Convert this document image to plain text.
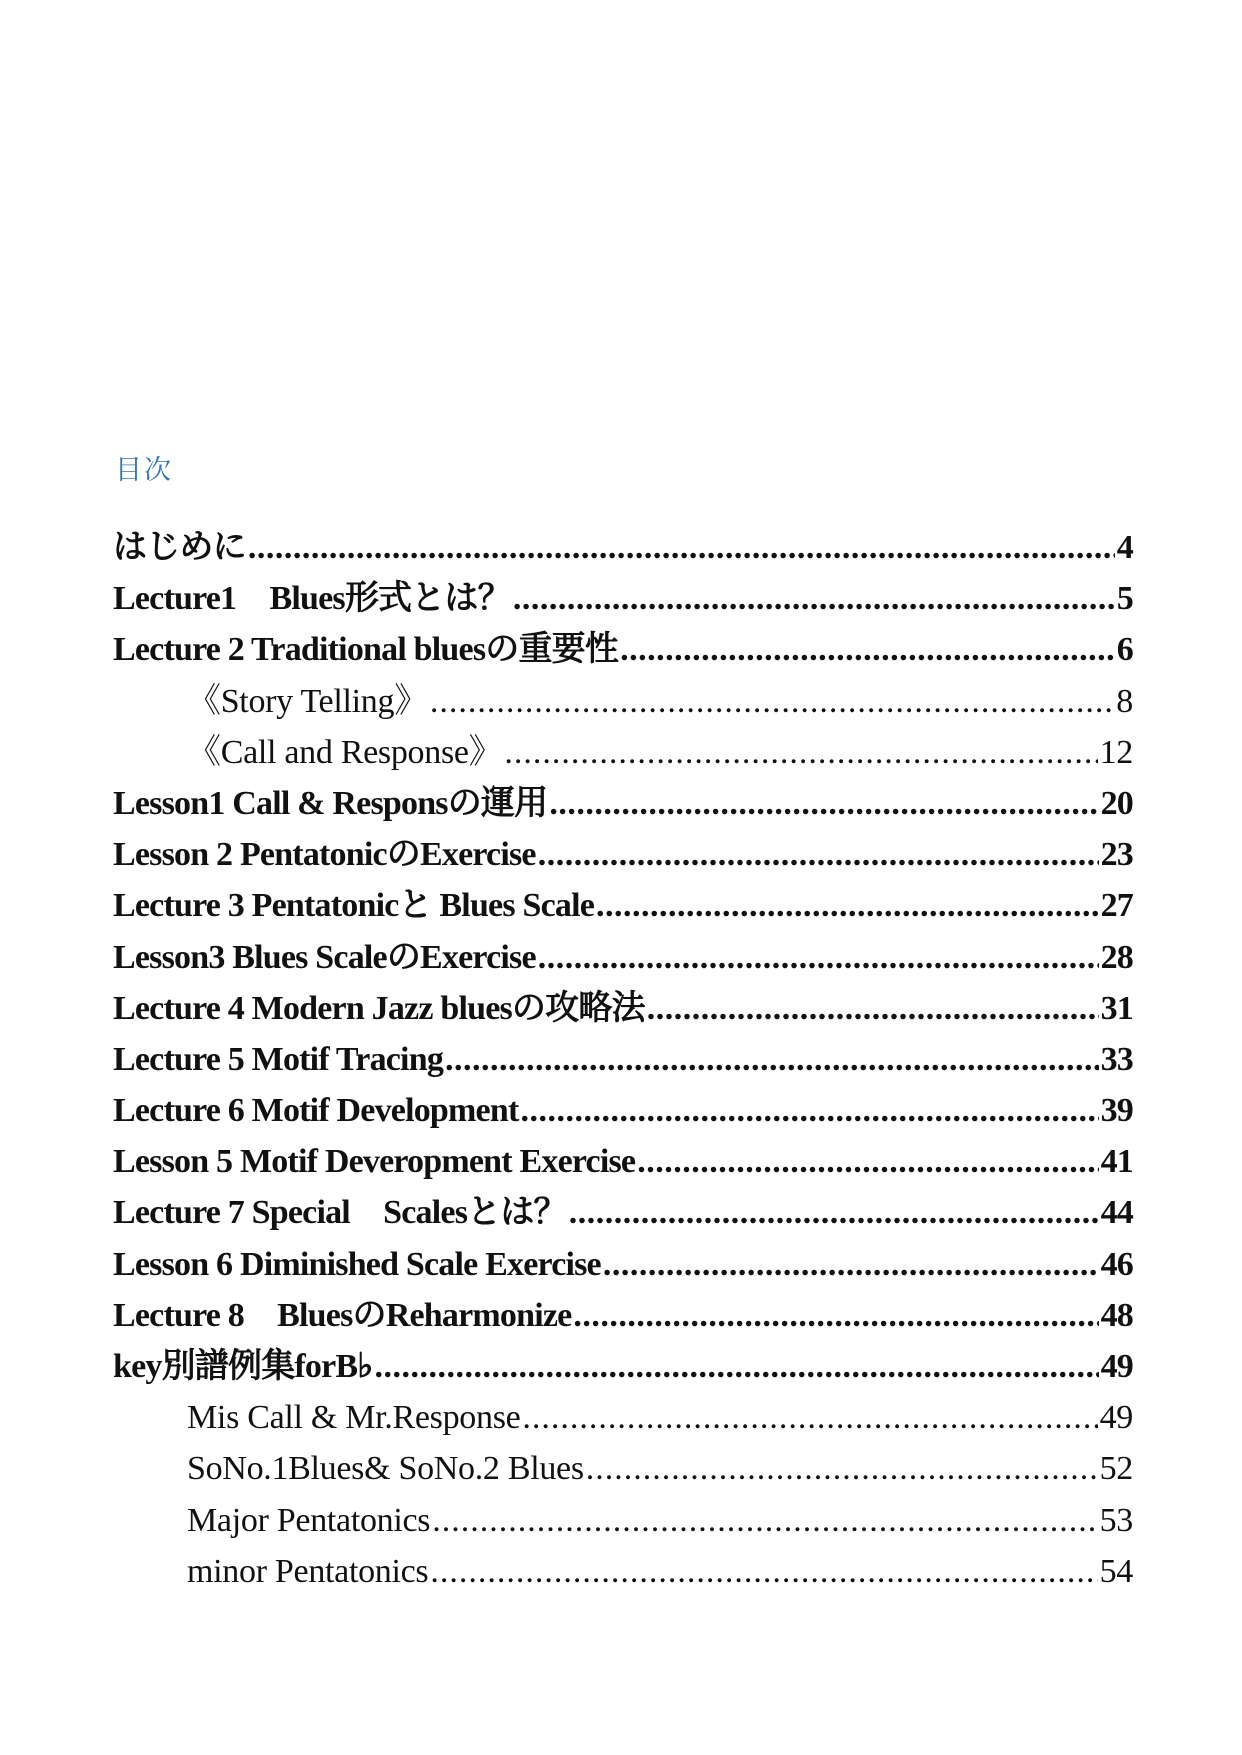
目次
はじめに .....	4
Lecture1　Blues形式とは？ .....	5
Lecture 2 Traditional bluesの重要性 .....	6
《Story Telling》 .....	8
《Call and Response》 .....	12
Lesson1 Call & Responsの運用 .....	20
Lesson 2 PentatonicのExercise .....	23
Lecture 3 Pentatonicと Blues Scale .....	27
Lesson3 Blues ScaleのExercise .....	28
Lecture 4 Modern Jazz bluesの攻略法 .....	31
Lecture 5 Motif Tracing .....	33
Lecture 6 Motif Development .....	39
Lesson 5 Motif Deveropment Exercise .....	41
Lecture 7 Special　Scalesとは？ .....	44
Lesson 6 Diminished Scale Exercise .....	46
Lecture 8　BluesのReharmonize .....	48
key別譜例集forB♭ .....	49
Mis Call & Mr.Response .....	49
SoNo.1Blues& SoNo.2 Blues .....	52
Major Pentatonics .....	53
minor Pentatonics .....	54
